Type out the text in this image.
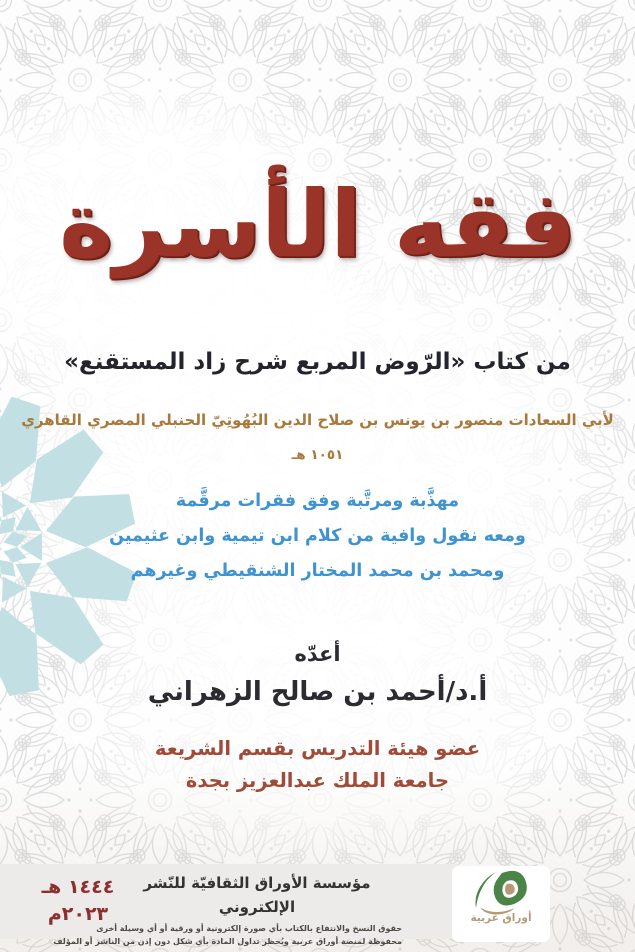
فقه الأسرة
من كتاب «الرّوض المربع شرح زاد المستقنع»
لأبي السعادات منصور بن يونس بن صلاح الدين البُهُوتِيّ الحنبلي المصري القاهري
١٠٥١ هـ
مهذَّبة ومرتَّبة وفق فقرات مرقَّمة
ومعه نقول وافية من كلام ابن تيمية وابن عثيمين
ومحمد بن محمد المختار الشنقيطي وغيرهم
أعدّه
أ.د/أحمد بن صالح الزهراني
عضو هيئة التدريس بقسم الشريعة
جامعة الملك عبدالعزيز بجدة
١٤٤٤ هـ
٢٠٢٣م
مؤسسة الأوراق الثقافيّة للنّشر الإلكتروني
حقوق النسخ والانتفاع بالكتاب بأي صورة إلكترونية أو ورقية أو أي وسيلة أخرى
محفوظة لمنصة أوراق عربية ويُحظر تداول المادة بأي شكل دون إذن من الناشر أو المؤلف
أوراق عربية
